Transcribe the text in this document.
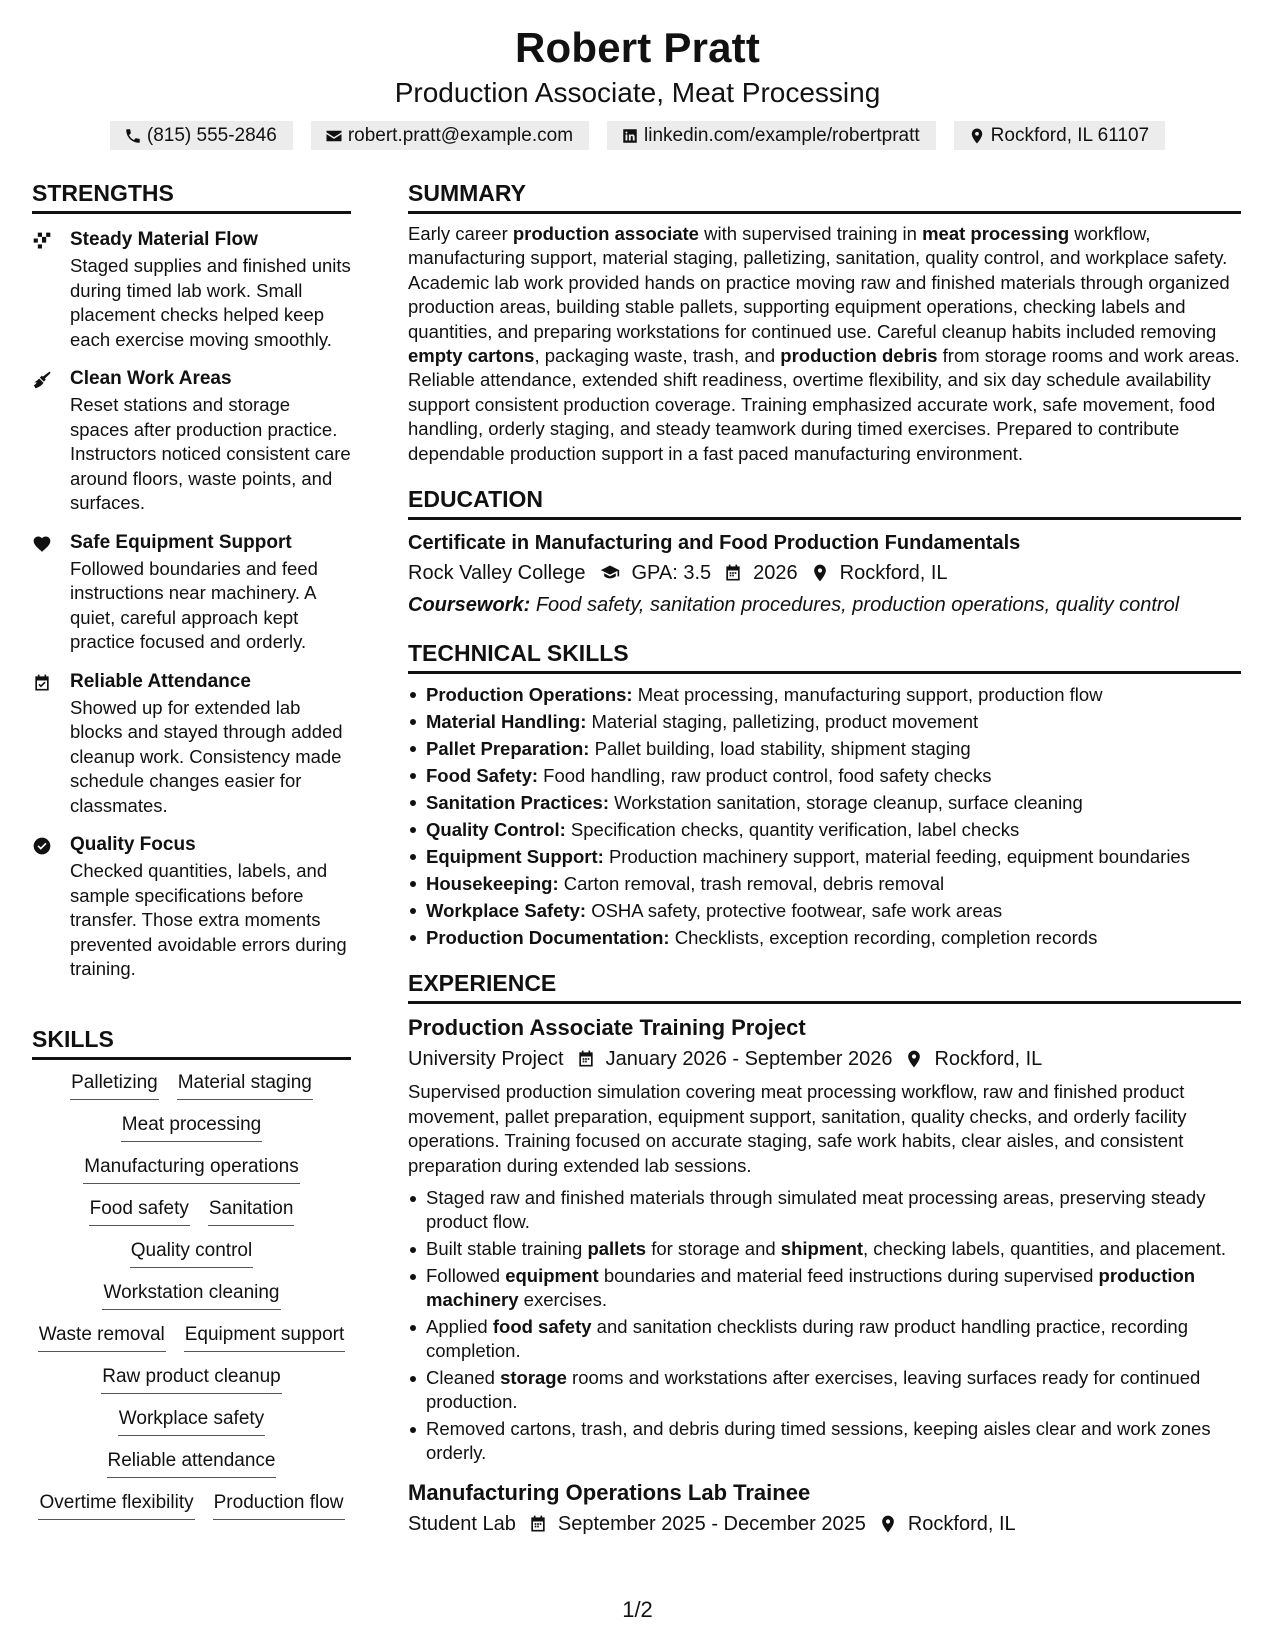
Robert Pratt
Production Associate, Meat Processing
(815) 555-2846	robert.pratt@example.com	linkedin.com/example/robertpratt	Rockford, IL 61107
STRENGTHS
Steady Material Flow
Staged supplies and finished units during timed lab work. Small placement checks helped keep each exercise moving smoothly.
Clean Work Areas
Reset stations and storage spaces after production practice. Instructors noticed consistent care around floors, waste points, and surfaces.
Safe Equipment Support
Followed boundaries and feed instructions near machinery. A quiet, careful approach kept practice focused and orderly.
Reliable Attendance
Showed up for extended lab blocks and stayed through added cleanup work. Consistency made schedule changes easier for classmates.
Quality Focus
Checked quantities, labels, and sample specifications before transfer. Those extra moments prevented avoidable errors during training.
SKILLS
Palletizing Material staging
Meat processing
Manufacturing operations
Food safety Sanitation
Quality control
Workstation cleaning
Waste removal Equipment support
Raw product cleanup
Workplace safety
Reliable attendance
Overtime flexibility Production flow
SUMMARY

Early career production associate with supervised training in meat processing workflow, manufacturing support, material staging, palletizing, sanitation, quality control, and workplace safety. Academic lab work provided hands on practice moving raw and finished materials through organized production areas, building stable pallets, supporting equipment operations, checking labels and quantities, and preparing workstations for continued use. Careful cleanup habits included removing empty cartons, packaging waste, trash, and production debris from storage rooms and work areas. Reliable attendance, extended shift readiness, overtime flexibility, and six day schedule availability support consistent production coverage. Training emphasized accurate work, safe movement, food handling, orderly staging, and steady teamwork during timed exercises. Prepared to contribute dependable production support in a fast paced manufacturing environment.

EDUCATION
Certificate in Manufacturing and Food Production Fundamentals
Rock Valley College GPA: 3.5 2026 Rockford, IL
Coursework: Food safety, sanitation procedures, production operations, quality control
TECHNICAL SKILLS
Production Operations: Meat processing, manufacturing support, production flow
Material Handling: Material staging, palletizing, product movement
Pallet Preparation: Pallet building, load stability, shipment staging
Food Safety: Food handling, raw product control, food safety checks
Sanitation Practices: Workstation sanitation, storage cleanup, surface cleaning
Quality Control: Specification checks, quantity verification, label checks
Equipment Support: Production machinery support, material feeding, equipment boundaries
Housekeeping: Carton removal, trash removal, debris removal
Workplace Safety: OSHA safety, protective footwear, safe work areas
Production Documentation: Checklists, exception recording, completion records
EXPERIENCE
Production Associate Training Project
University Project January 2026 - September 2026 Rockford, IL

Supervised production simulation covering meat processing workflow, raw and finished product movement, pallet preparation, equipment support, sanitation, quality checks, and orderly facility operations. Training focused on accurate staging, safe work habits, clear aisles, and consistent preparation during extended lab sessions.

Staged raw and finished materials through simulated meat processing areas, preserving steady product flow.
Built stable training pallets for storage and shipment, checking labels, quantities, and placement.
Followed equipment boundaries and material feed instructions during supervised production machinery exercises.
Applied food safety and sanitation checklists during raw product handling practice, recording completion.
Cleaned storage rooms and workstations after exercises, leaving surfaces ready for continued production.
Removed cartons, trash, and debris during timed sessions, keeping aisles clear and work zones orderly.
Manufacturing Operations Lab Trainee
Student Lab September 2025 - December 2025 Rockford, IL
1/2
